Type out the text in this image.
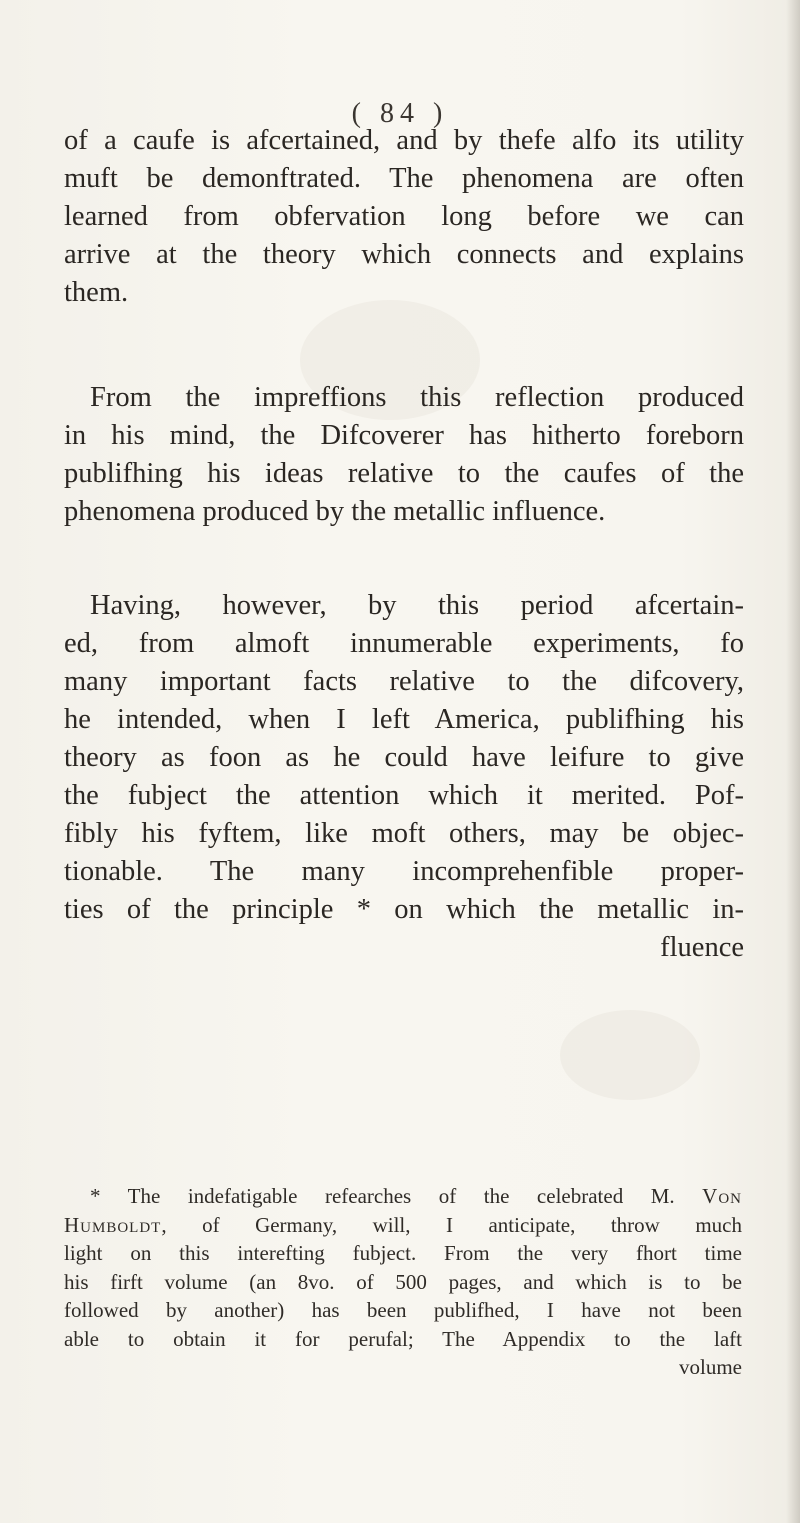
( 84 )
of a caufe is afcertained, and by thefe alfo its utility
muft be demonftrated. The phenomena are often
learned from obfervation long before we can
arrive at the theory which connects and explains
them.
From the impreffions this reflection produced
in his mind, the Difcoverer has hitherto foreborn
publifhing his ideas relative to the caufes of the
phenomena produced by the metallic influence.
Having, however, by this period afcertain-
ed, from almoft innumerable experiments, fo
many important facts relative to the difcovery,
he intended, when I left America, publifhing his
theory as foon as he could have leifure to give
the fubject the attention which it merited. Pof-
fibly his fyftem, like moft others, may be objec-
tionable. The many incomprehenfible proper-
ties of the principle * on which the metallic in-
fluence
* The indefatigable refearches of the celebrated M. Von
Humboldt, of Germany, will, I anticipate, throw much
light on this interefting fubject. From the very fhort time
his firft volume (an 8vo. of 500 pages, and which is to be
followed by another) has been publifhed, I have not been
able to obtain it for perufal; The Appendix to the laft
volume
